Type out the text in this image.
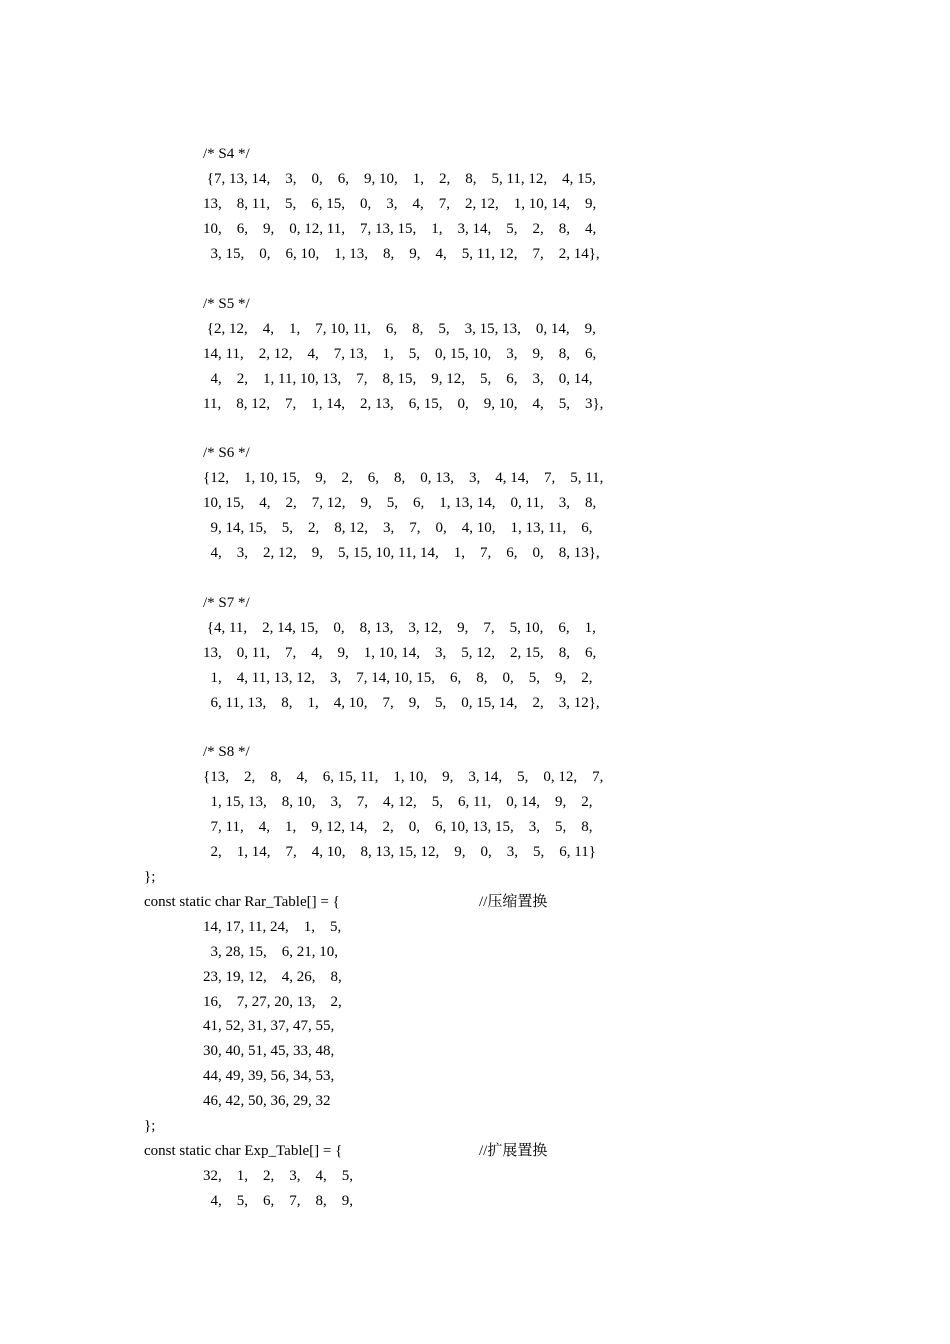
/* S4 */
{7, 13, 14,    3,    0,    6,    9, 10,    1,    2,    8,    5, 11, 12,    4, 15,
13,    8, 11,    5,    6, 15,    0,    3,    4,    7,    2, 12,    1, 10, 14,    9,
10,    6,    9,    0, 12, 11,    7, 13, 15,    1,    3, 14,    5,    2,    8,    4,
3, 15,    0,    6, 10,    1, 13,    8,    9,    4,    5, 11, 12,    7,    2, 14},
/* S5 */
{2, 12,    4,    1,    7, 10, 11,    6,    8,    5,    3, 15, 13,    0, 14,    9,
14, 11,    2, 12,    4,    7, 13,    1,    5,    0, 15, 10,    3,    9,    8,    6,
4,    2,    1, 11, 10, 13,    7,    8, 15,    9, 12,    5,    6,    3,    0, 14,
11,    8, 12,    7,    1, 14,    2, 13,    6, 15,    0,    9, 10,    4,    5,    3},
/* S6 */
{12,    1, 10, 15,    9,    2,    6,    8,    0, 13,    3,    4, 14,    7,    5, 11,
10, 15,    4,    2,    7, 12,    9,    5,    6,    1, 13, 14,    0, 11,    3,    8,
9, 14, 15,    5,    2,    8, 12,    3,    7,    0,    4, 10,    1, 13, 11,    6,
4,    3,    2, 12,    9,    5, 15, 10, 11, 14,    1,    7,    6,    0,    8, 13},
/* S7 */
{4, 11,    2, 14, 15,    0,    8, 13,    3, 12,    9,    7,    5, 10,    6,    1,
13,    0, 11,    7,    4,    9,    1, 10, 14,    3,    5, 12,    2, 15,    8,    6,
1,    4, 11, 13, 12,    3,    7, 14, 10, 15,    6,    8,    0,    5,    9,    2,
6, 11, 13,    8,    1,    4, 10,    7,    9,    5,    0, 15, 14,    2,    3, 12},
/* S8 */
{13,    2,    8,    4,    6, 15, 11,    1, 10,    9,    3, 14,    5,    0, 12,    7,
1, 15, 13,    8, 10,    3,    7,    4, 12,    5,    6, 11,    0, 14,    9,    2,
7, 11,    4,    1,    9, 12, 14,    2,    0,    6, 10, 13, 15,    3,    5,    8,
2,    1, 14,    7,    4, 10,    8, 13, 15, 12,    9,    0,    3,    5,    6, 11}
};
const static char Rar_Table[] = {	//压缩置换
14, 17, 11, 24,    1,    5,
3, 28, 15,    6, 21, 10,
23, 19, 12,    4, 26,    8,
16,    7, 27, 20, 13,    2,
41, 52, 31, 37, 47, 55,
30, 40, 51, 45, 33, 48,
44, 49, 39, 56, 34, 53,
46, 42, 50, 36, 29, 32
};
const static char Exp_Table[] = {	//扩展置换
32,    1,    2,    3,    4,    5,
4,    5,    6,    7,    8,    9,
